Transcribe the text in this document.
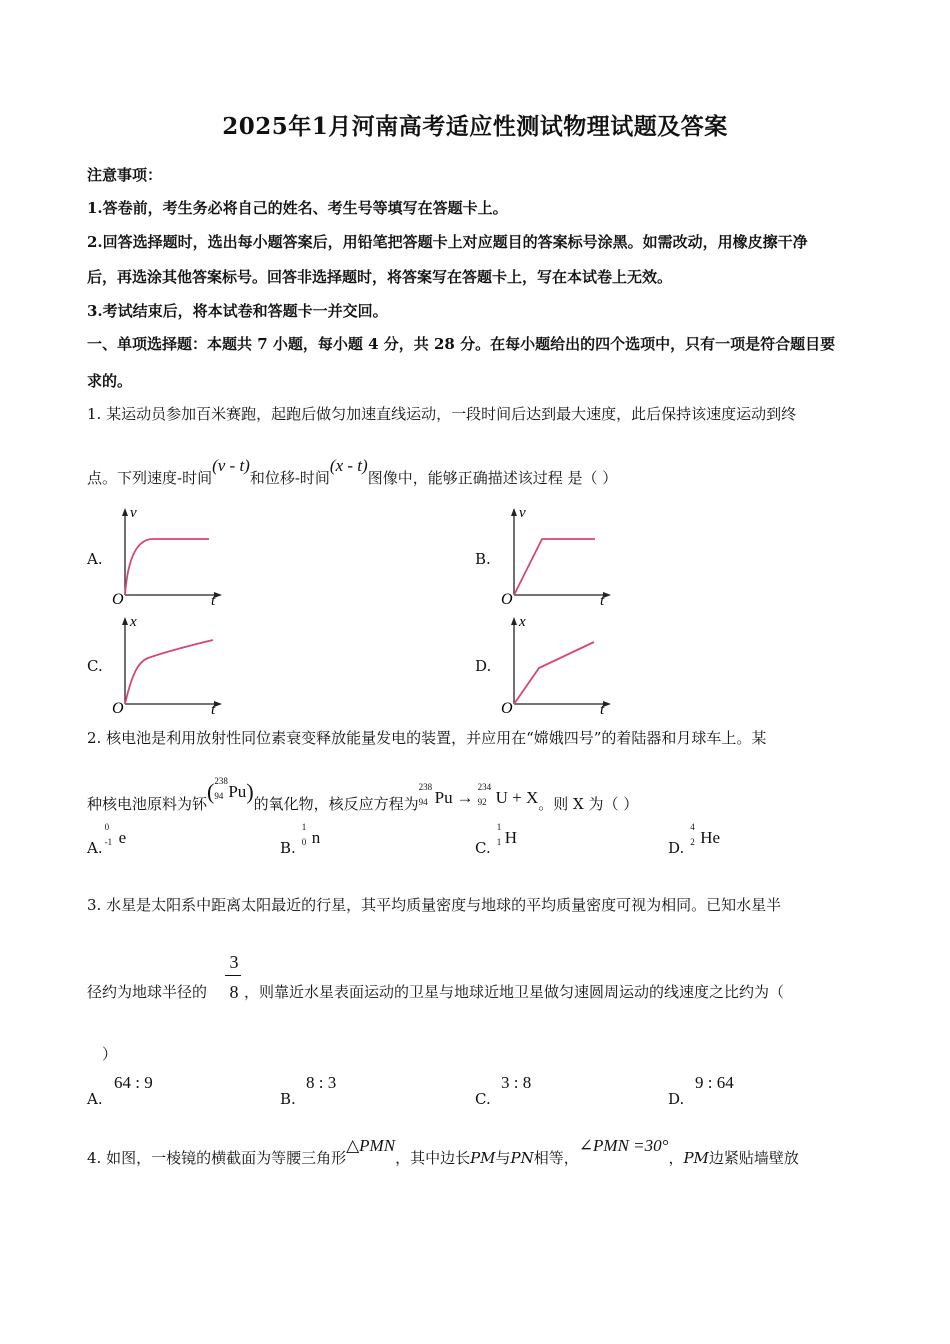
2025年1月河南高考适应性测试物理试题及答案
注意事项：
1.答卷前，考生务必将自己的姓名、考生号等填写在答题卡上。
2.回答选择题时，选出每小题答案后，用铅笔把答题卡上对应题目的答案标号涂黑。如需改动，用橡皮擦干净
后，再选涂其他答案标号。回答非选择题时，将答案写在答题卡上，写在本试卷上无效。
3.考试结束后，将本试卷和答题卡一并交回。
一、单项选择题：本题共 7 小题，每小题 4 分，共 28 分。在每小题给出的四个选项中，只有一项是符合题目要
求的。
1. 某运动员参加百米赛跑，起跑后做匀加速直线运动，一段时间后达到最大速度，此后保持该速度运动到终
点。下列速度-时间(v - t)和位移-时间(x - t)图像中，能够正确描述该过程 是（ ）
A.
O
v
t
B.
O
v
t
C.
O
x
t
D.
O
x
t
2. 核电池是利用放射性同位素衰变释放能量发电的装置，并应用在“嫦娥四号”的着陆器和月球车上。某
种核电池原料为钚( 238
94 Pu)的氧化物，核反应方程为
238
94 Pu →
234
92 U + X。则 X 为（ ）
A.
0
-1 e
B.
1
0 n
C.
1
1 H
D.
4
2 He
3. 水星是太阳系中距离太阳最近的行星，其平均质量密度与地球的平均质量密度可视为相同。已知水星半
3
8
径约为地球半径的 ，则靠近水星表面运动的卫星与地球近地卫星做匀速圆周运动的线速度之比约为（
）
A.
64 : 9
B.
8 : 3
C.
3 : 8
D.
9 : 64
4. 如图，一棱镜的横截面为等腰三角形△PMN，其中边长PM与PN相等，∠PMN =30°，PM边紧贴墙壁放
